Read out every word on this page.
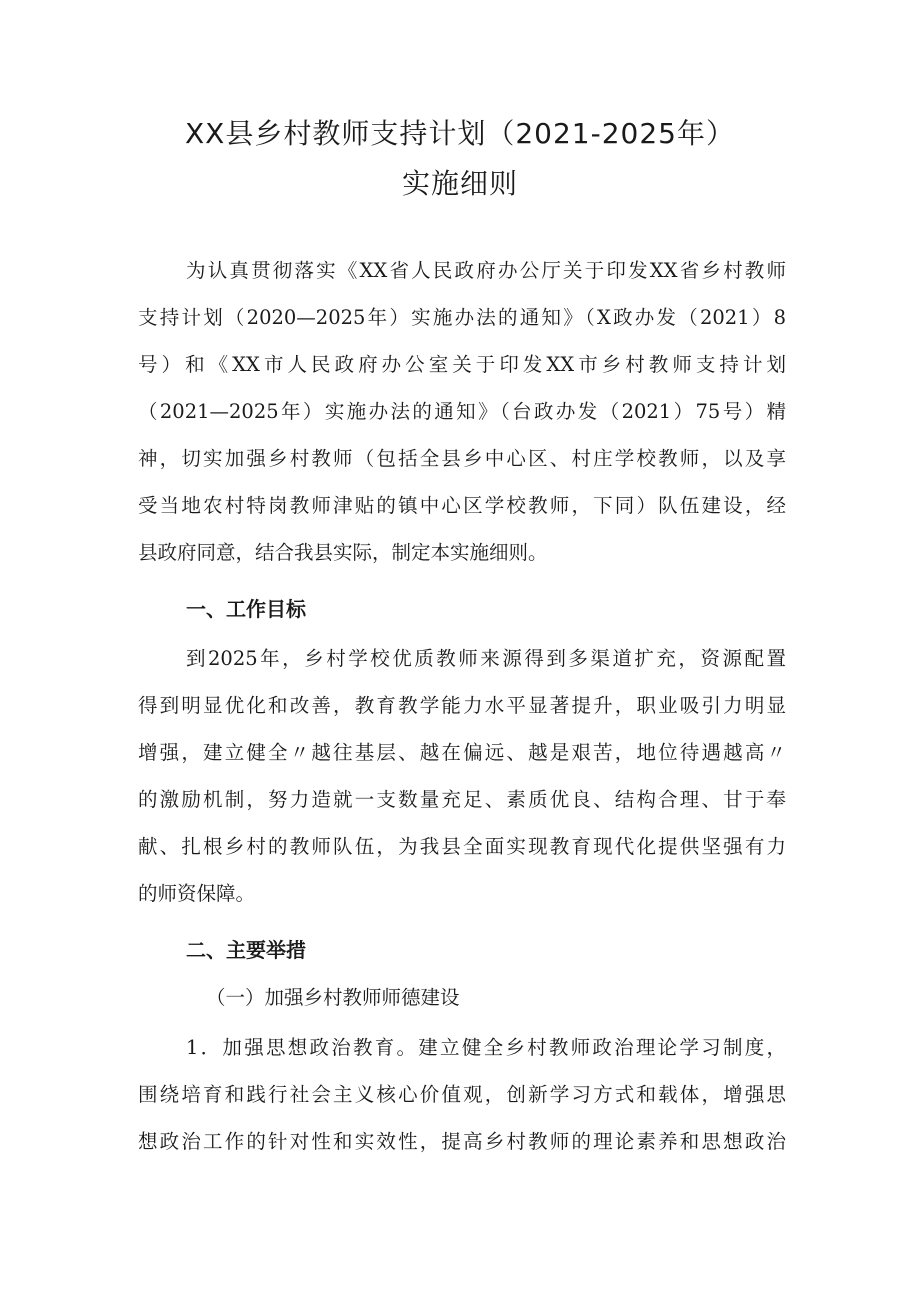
XX县乡村教师支持计划（2021-2025年）
实施细则
为认真贯彻落实《XX省人民政府办公厅关于印发XX省乡村教师
支持计划（2020—2025年）实施办法的通知》（X政办发（2021）8
号）和《XX市人民政府办公室关于印发XX市乡村教师支持计划
（2021—2025年）实施办法的通知》（台政办发（2021）75号）精
神，切实加强乡村教师（包括全县乡中心区、村庄学校教师，以及享
受当地农村特岗教师津贴的镇中心区学校教师，下同）队伍建设，经
县政府同意，结合我县实际，制定本实施细则。
一、工作目标
到2025年，乡村学校优质教师来源得到多渠道扩充，资源配置
得到明显优化和改善，教育教学能力水平显著提升，职业吸引力明显
增强，建立健全〃越往基层、越在偏远、越是艰苦，地位待遇越高〃
的激励机制，努力造就一支数量充足、素质优良、结构合理、甘于奉
献、扎根乡村的教师队伍，为我县全面实现教育现代化提供坚强有力
的师资保障。
二、主要举措
（一）加强乡村教师师德建设
1．加强思想政治教育。建立健全乡村教师政治理论学习制度，
围绕培育和践行社会主义核心价值观，创新学习方式和载体，增强思
想政治工作的针对性和实效性，提高乡村教师的理论素养和思想政治
